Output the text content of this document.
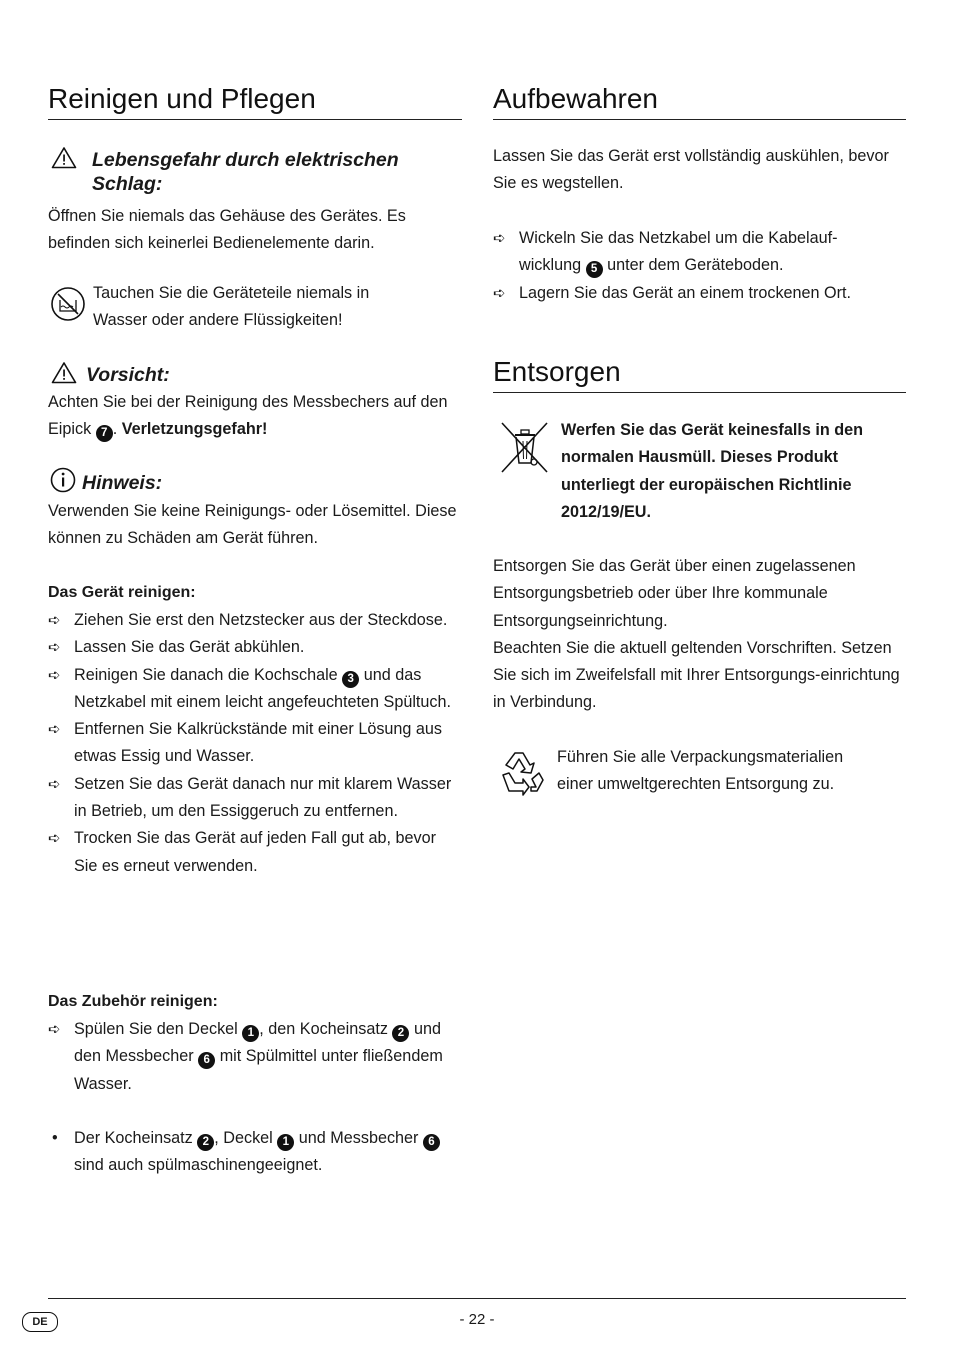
Reinigen und Pflegen
Lebensgefahr durch elektrischen
Schlag:
Öffnen Sie niemals das Gehäuse des Gerätes. Es befinden sich keinerlei Bedienelemente darin.
Tauchen Sie die Geräteteile niemals in
Wasser oder andere Flüssigkeiten!
Vorsicht:
Achten Sie bei der Reinigung des Messbechers auf den Eipick 7 . Verletzungsgefahr!
Hinweis:
Verwenden Sie keine Reinigungs- oder Lösemittel. Diese können zu Schäden am Gerät führen.
Das Gerät reinigen:
➪ Ziehen Sie erst den Netzstecker aus der Steckdose.
➪ Lassen Sie das Gerät abkühlen.
➪ Reinigen Sie danach die Kochschale 3 und das Netzkabel mit einem leicht angefeuchteten Spültuch.
➪ Entfernen Sie Kalkrückstände mit einer Lösung aus etwas Essig und Wasser.
➪ Setzen Sie das Gerät danach nur mit klarem Wasser in Betrieb, um den Essiggeruch zu entfernen.
➪ Trocken Sie das Gerät auf jeden Fall gut ab, bevor Sie es erneut verwenden.
Das Zubehör reinigen:
➪ Spülen Sie den Deckel 1 , den Kocheinsatz 2 und den Messbecher 6 mit Spülmittel unter fließendem Wasser.
• Der Kocheinsatz 2 , Deckel 1 und Messbecher 6 sind auch spülmaschinengeeignet.
Aufbewahren
Lassen Sie das Gerät erst vollständig auskühlen, bevor Sie es wegstellen.
➪ Wickeln Sie das Netzkabel um die Kabelauf-wicklung 5 unter dem Geräteboden.
➪ Lagern Sie das Gerät an einem trockenen Ort.
Entsorgen
Werfen Sie das Gerät keinesfalls in den normalen Hausmüll. Dieses Produkt unterliegt der europäischen Richtlinie 2012/19/EU.
Entsorgen Sie das Gerät über einen zugelassenen Entsorgungsbetrieb oder über Ihre kommunale Entsorgungseinrichtung.
Beachten Sie die aktuell geltenden Vorschriften. Setzen Sie sich im Zweifelsfall mit Ihrer Entsorgungs-einrichtung in Verbindung.
Führen Sie alle Verpackungsmaterialien
einer umweltgerechten Entsorgung zu.
DE	- 22 -
